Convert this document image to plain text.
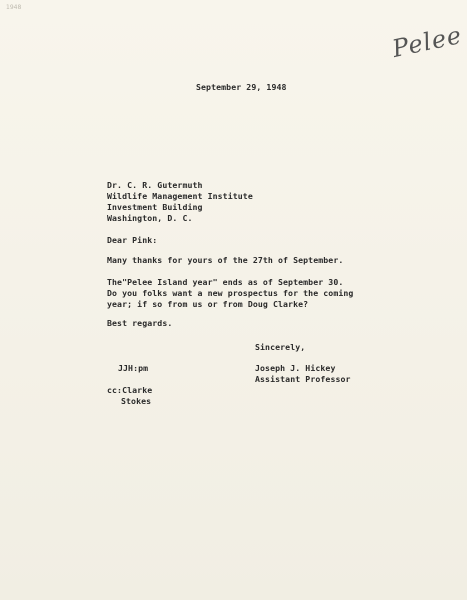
1948
Pelee
September 29, 1948
Dr. C. R. Gutermuth
Wildlife Management Institute
Investment Building
Washington, D. C.
Dear Pink:
Many thanks for yours of the 27th of September.
The"Pelee Island year" ends as of September 30.
Do you folks want a new prospectus for the coming
year; if so from us or from Doug Clarke?
Best regards.
Sincerely,
Joseph J. Hickey
Assistant Professor
JJH:pm
cc:Clarke
Stokes
